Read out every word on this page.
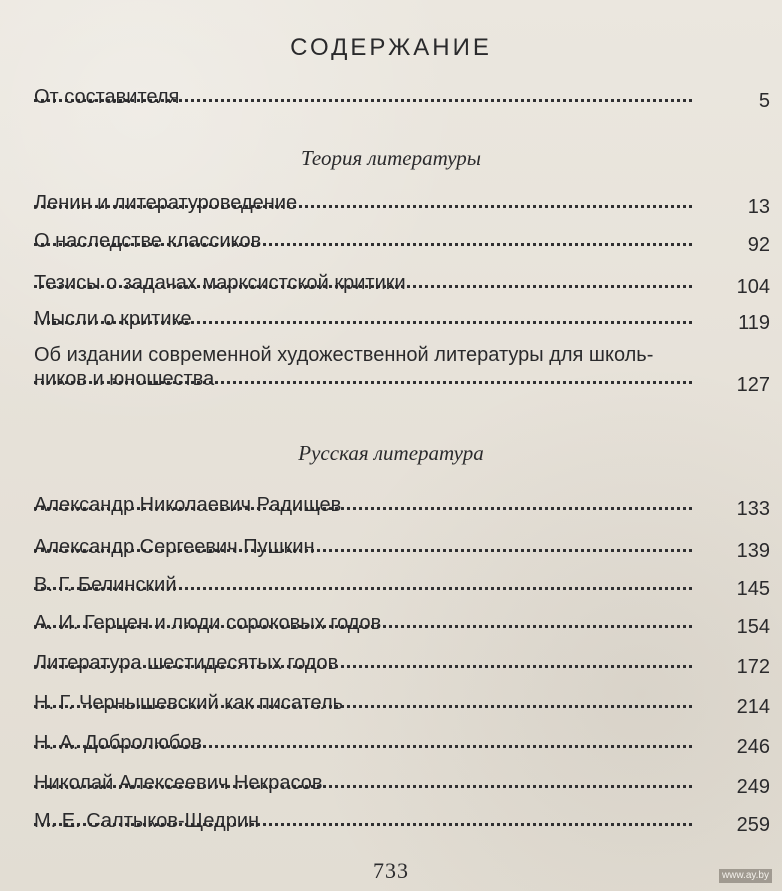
СОДЕРЖАНИЕ
От составителя	5
Теория литературы
Ленин и литературоведение	13
О наследстве классиков	92
Тезисы о задачах марксистской критики	104
Мысли о критике	119
Об издании современной художественной литературы для школь-
ников и юношества	127
Русская литература
Александр Николаевич Радищев	133
Александр Сергеевич Пушкин	139
В. Г. Белинский	145
А. И. Герцен и люди сороковых годов	154
Литература шестидесятых годов	172
Н. Г. Чернышевский как писатель	214
Н. А. Добролюбов	246
Николай Алексеевич Некрасов	249
М. Е. Салтыков-Щедрин	259
733	www.ay.by
